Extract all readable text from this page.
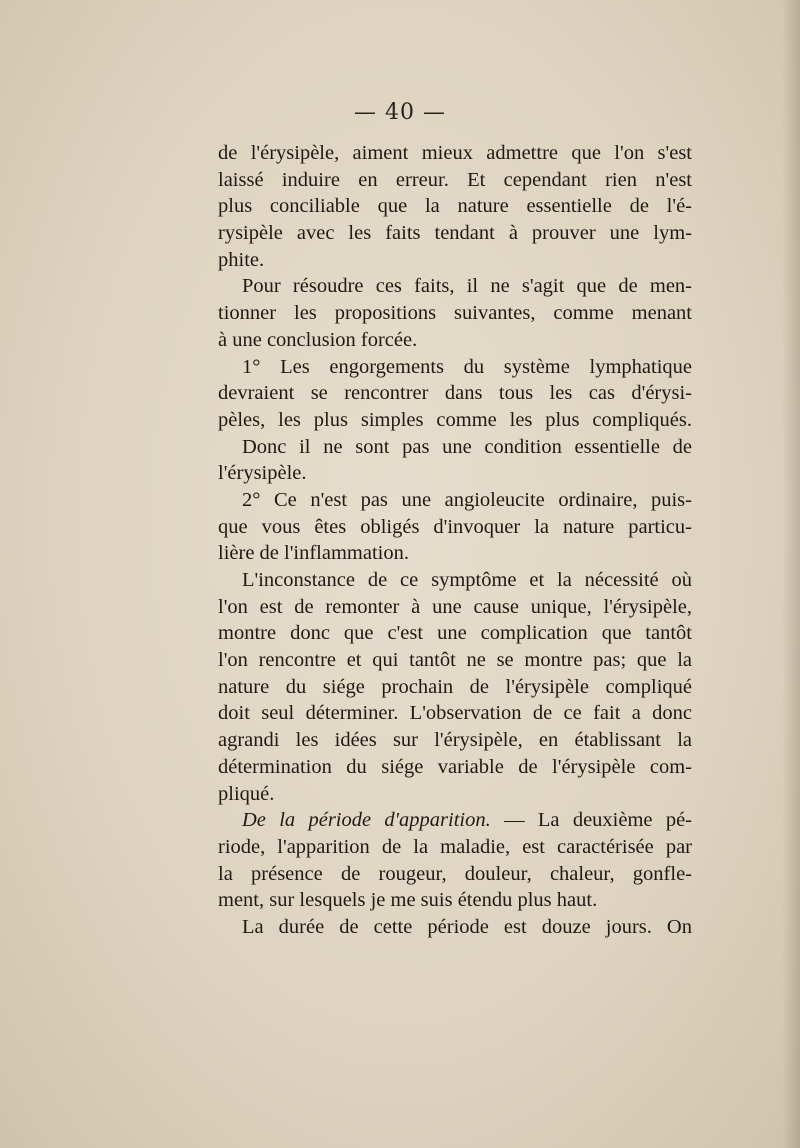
— 40 —
de l'érysipèle, aiment mieux admettre que l'on s'est
laissé induire en erreur. Et cependant rien n'est
plus conciliable que la nature essentielle de l'é-
rysipèle avec les faits tendant à prouver une lym-
phite.
Pour résoudre ces faits, il ne s'agit que de men-
tionner les propositions suivantes, comme menant
à une conclusion forcée.
1° Les engorgements du système lymphatique
devraient se rencontrer dans tous les cas d'érysi-
pèles, les plus simples comme les plus compliqués.
Donc il ne sont pas une condition essentielle de
l'érysipèle.
2° Ce n'est pas une angioleucite ordinaire, puis-
que vous êtes obligés d'invoquer la nature particu-
lière de l'inflammation.
L'inconstance de ce symptôme et la nécessité où
l'on est de remonter à une cause unique, l'érysipèle,
montre donc que c'est une complication que tantôt
l'on rencontre et qui tantôt ne se montre pas; que la
nature du siége prochain de l'érysipèle compliqué
doit seul déterminer. L'observation de ce fait a donc
agrandi les idées sur l'érysipèle, en établissant la
détermination du siége variable de l'érysipèle com-
pliqué.
De la période d'apparition. — La deuxième pé-
riode, l'apparition de la maladie, est caractérisée par
la présence de rougeur, douleur, chaleur, gonfle-
ment, sur lesquels je me suis étendu plus haut.
La durée de cette période est douze jours. On
